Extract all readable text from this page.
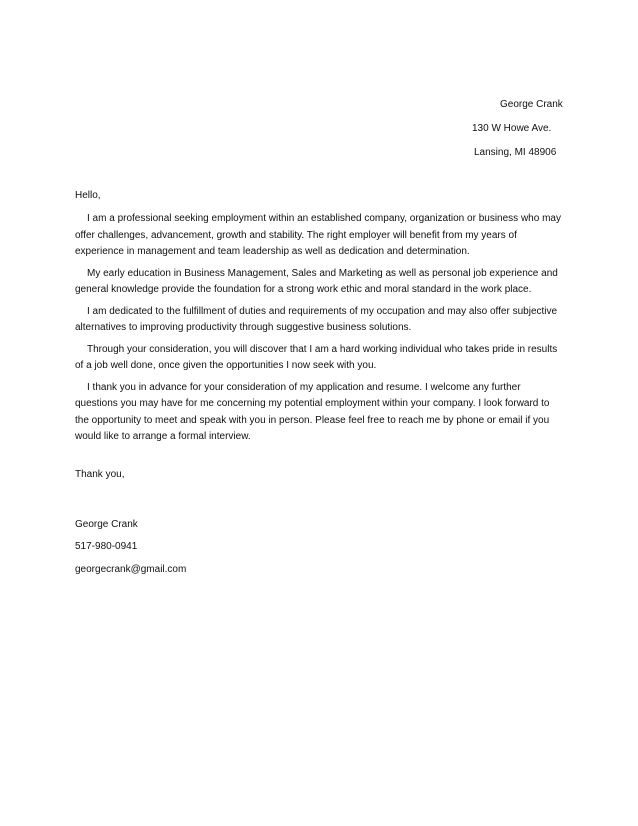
George Crank
130 W Howe Ave.
Lansing, MI 48906
Hello,

I am a professional seeking employment within an established company, organization or business who may offer challenges, advancement, growth and stability. The right employer will benefit from my years of experience in management and team leadership as well as dedication and determination.

My early education in Business Management, Sales and Marketing as well as personal job experience and general knowledge provide the foundation for a strong work ethic and moral standard in the work place.

I am dedicated to the fulfillment of duties and requirements of my occupation and may also offer subjective alternatives to improving productivity through suggestive business solutions.

Through your consideration, you will discover that I am a hard working individual who takes pride in results of a job well done, once given the opportunities I now seek with you.

I thank you in advance for your consideration of my application and resume. I welcome any further questions you may have for me concerning my potential employment within your company. I look forward to the opportunity to meet and speak with you in person. Please feel free to reach me by phone or email if you would like to arrange a formal interview.

Thank you,
George Crank
517-980-0941
georgecrank@gmail.com
